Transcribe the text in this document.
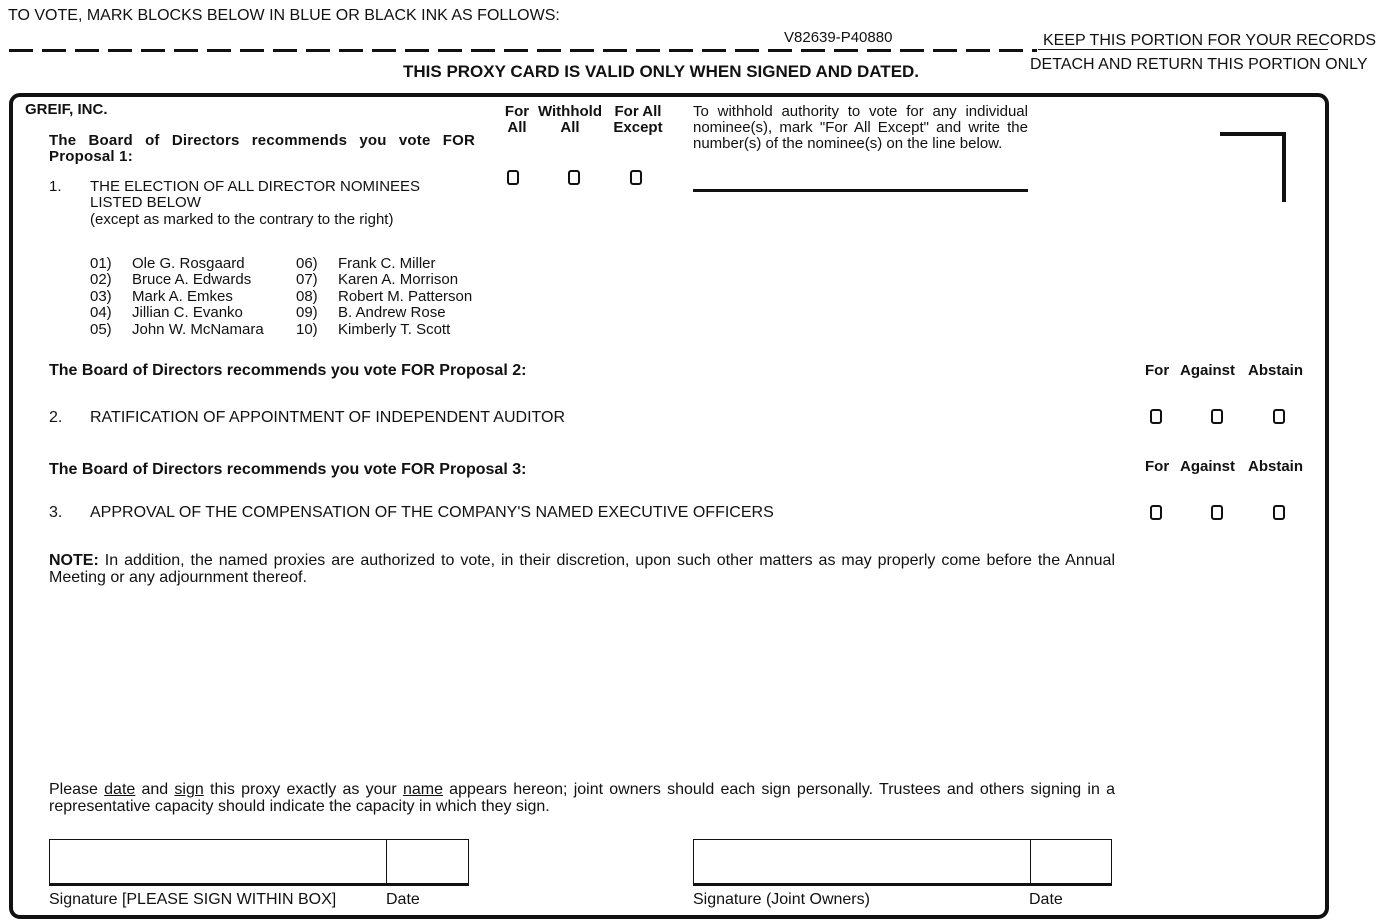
TO VOTE, MARK BLOCKS BELOW IN BLUE OR BLACK INK AS FOLLOWS:
V82639-P40880	KEEP THIS PORTION FOR YOUR RECORDS
DETACH AND RETURN THIS PORTION ONLY
THIS PROXY CARD IS VALID ONLY WHEN SIGNED AND DATED.
GREIF, INC.
The Board of Directors recommends you vote FOR Proposal 1:
For
All
Withhold
All
For All
Except
To withhold authority to vote for any individual nominee(s), mark "For All Except" and write the number(s) of the nominee(s) on the line below.
1. THE ELECTION OF ALL DIRECTOR NOMINEES LISTED BELOW
(except as marked to the contrary to the right)
01) Ole G. Rosgaard
02) Bruce A. Edwards
03) Mark A. Emkes
04) Jillian C. Evanko
05) John W. McNamara
06) Frank C. Miller
07) Karen A. Morrison
08) Robert M. Patterson
09) B. Andrew Rose
10) Kimberly T. Scott
The Board of Directors recommends you vote FOR Proposal 2:	For Against Abstain
2. RATIFICATION OF APPOINTMENT OF INDEPENDENT AUDITOR
The Board of Directors recommends you vote FOR Proposal 3:	For Against Abstain
3. APPROVAL OF THE COMPENSATION OF THE COMPANY'S NAMED EXECUTIVE OFFICERS
NOTE: In addition, the named proxies are authorized to vote, in their discretion, upon such other matters as may properly come before the Annual Meeting or any adjournment thereof.
Please date and sign this proxy exactly as your name appears hereon; joint owners should each sign personally. Trustees and others signing in a representative capacity should indicate the capacity in which they sign.
Signature [PLEASE SIGN WITHIN BOX]	Date	Signature (Joint Owners)	Date
